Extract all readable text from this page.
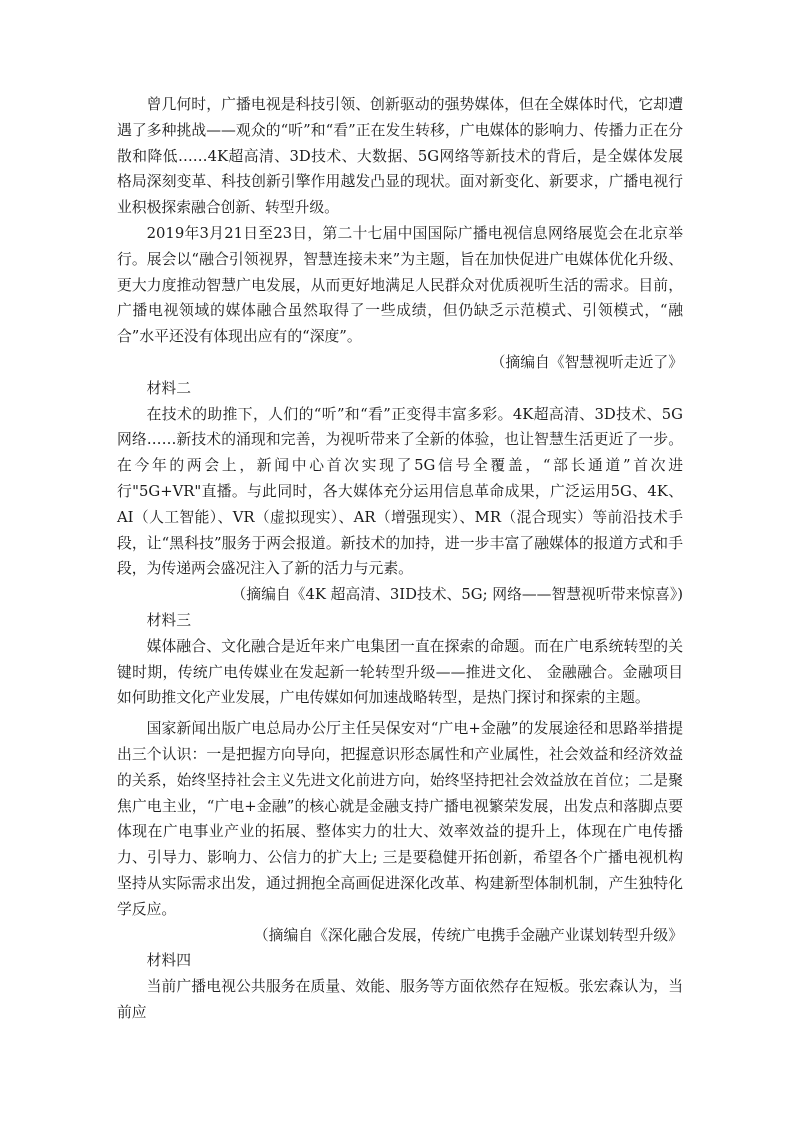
曾几何时，广播电视是科技引领、创新驱动的强势媒体，但在全媒体时代，它却遭遇了多种挑战——观众的“听”和“看”正在发生转移，广电媒体的影响力、传播力正在分散和降低……4K超高清、3D技术、大数据、5G网络等新技术的背后，是全媒体发展格局深刻变革、科技创新引擎作用越发凸显的现状。面对新变化、新要求，广播电视行业积极探索融合创新、转型升级。

2019年3月21日至23日，第二十七届中国国际广播电视信息网络展览会在北京举行。展会以“融合引领视界，智慧连接未来”为主题，旨在加快促进广电媒体优化升级、更大力度推动智慧广电发展，从而更好地满足人民群众对优质视听生活的需求。目前，广播电视领域的媒体融合虽然取得了一些成绩，但仍缺乏示范模式、引领模式，“融合”水平还没有体现出应有的“深度”。

（摘编自《智慧视听走近了》

材料二

在技术的助推下，人们的“听”和“看”正变得丰富多彩。4K超高清、3D技术、5G网络……新技术的涌现和完善，为视听带来了全新的体验，也让智慧生活更近了一步。在今年的两会上，新闻中心首次实现了5G信号全覆盖，“部长通道”首次进行"5G+VR"直播。与此同时，各大媒体充分运用信息革命成果，广泛运用5G、4K、AI（人工智能）、VR（虚拟现实）、AR（增强现实）、MR（混合现实）等前沿技术手段，让“黑科技”服务于两会报道。新技术的加持，进一步丰富了融媒体的报道方式和手段，为传递两会盛况注入了新的活力与元素。

（摘编自《4K 超高清、3ID技术、5G; 网络——智慧视听带来惊喜》)

材料三

媒体融合、文化融合是近年来广电集团一直在探索的命题。而在广电系统转型的关键时期，传统广电传媒业在发起新一轮转型升级——推进文化、 金融融合。金融项目如何助推文化产业发展，广电传媒如何加速战略转型，是热门探讨和探索的主题。

国家新闻出版广电总局办公厅主任吴保安对“广电+金融”的发展途径和思路举措提出三个认识：一是把握方向导向，把握意识形态属性和产业属性，社会效益和经济效益的关系，始终坚持社会主义先进文化前进方向，始终坚持把社会效益放在首位；二是聚焦广电主业，“广电+金融”的核心就是金融支持广播电视繁荣发展，出发点和落脚点要体现在广电事业产业的拓展、整体实力的壮大、效率效益的提升上，体现在广电传播力、引导力、影响力、公信力的扩大上; 三是要稳健开拓创新，希望各个广播电视机构坚持从实际需求出发，通过拥抱全高画促进深化改革、构建新型体制机制，产生独特化学反应。

（摘编自《深化融合发展，传统广电携手金融产业谋划转型升级》

材料四

当前广播电视公共服务在质量、效能、服务等方面依然存在短板。张宏森认为，当前应
